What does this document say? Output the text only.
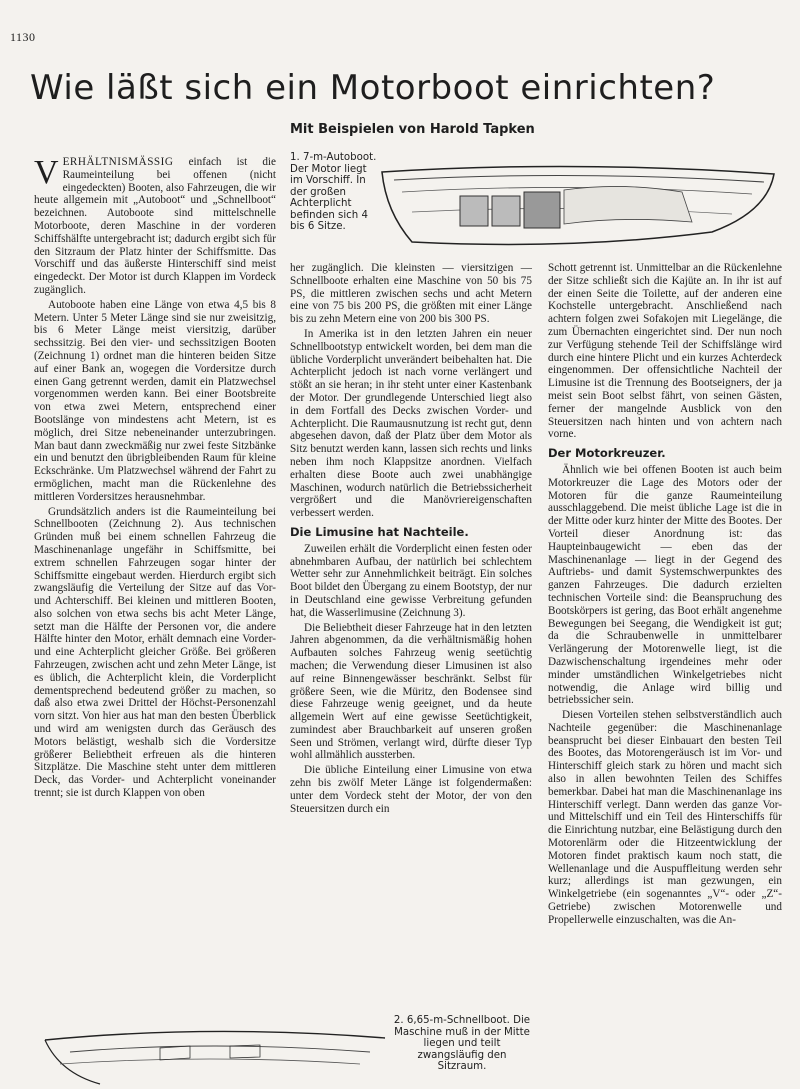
1130
Wie läßt sich ein Motorboot einrichten?
Mit Beispielen von Harold Tapken
1. 7-m-Autoboot. Der Motor liegt im Vorschiff. In der großen Achterplicht befinden sich 4 bis 6 Sitze.

VERHÄLTNISMÄSSIG einfach ist die Raumeinteilung bei offenen (nicht eingedeckten) Booten, also Fahrzeugen, die wir heute allgemein mit „Autoboot“ und „Schnellboot“ bezeichnen. Autoboote sind mittelschnelle Motorboote, deren Maschine in der vorderen Schiffshälfte untergebracht ist; dadurch ergibt sich für den Sitzraum der Platz hinter der Schiffsmitte. Das Vorschiff und das äußerste Hinterschiff sind meist eingedeckt. Der Motor ist durch Klappen im Vordeck zugänglich.

Autoboote haben eine Länge von etwa 4,5 bis 8 Metern. Unter 5 Meter Länge sind sie nur zweisitzig, bis 6 Meter Länge meist viersitzig, darüber sechssitzig. Bei den vier- und sechssitzigen Booten (Zeichnung 1) ordnet man die hinteren beiden Sitze auf einer Bank an, wogegen die Vordersitze durch einen Gang getrennt werden, damit ein Platzwechsel vorgenommen werden kann. Bei einer Bootsbreite von etwa zwei Metern, entsprechend einer Bootslänge von mindestens acht Metern, ist es möglich, drei Sitze nebeneinander unterzubringen. Man baut dann zweckmäßig nur zwei feste Sitzbänke ein und benutzt den übrigbleibenden Raum für kleine Eckschränke. Um Platzwechsel während der Fahrt zu ermöglichen, macht man die Rückenlehne des mittleren Vordersitzes herausnehmbar.

Grundsätzlich anders ist die Raumeinteilung bei Schnellbooten (Zeichnung 2). Aus technischen Gründen muß bei einem schnellen Fahrzeug die Maschinenanlage ungefähr in Schiffsmitte, bei extrem schnellen Fahrzeugen sogar hinter der Schiffsmitte eingebaut werden. Hierdurch ergibt sich zwangsläufig die Verteilung der Sitze auf das Vor- und Achterschiff. Bei kleinen und mittleren Booten, also solchen von etwa sechs bis acht Meter Länge, setzt man die Hälfte der Personen vor, die andere Hälfte hinter den Motor, erhält demnach eine Vorder- und eine Achterplicht gleicher Größe. Bei größeren Fahrzeugen, zwischen acht und zehn Meter Länge, ist es üblich, die Achterplicht klein, die Vorderplicht dementsprechend bedeutend größer zu machen, so daß also etwa zwei Drittel der Höchst-Personenzahl vorn sitzt. Von hier aus hat man den besten Überblick und wird am wenigsten durch das Geräusch des Motors belästigt, weshalb sich die Vordersitze größerer Beliebtheit erfreuen als die hinteren Sitzplätze. Die Maschine steht unter dem mittleren Deck, das Vorder- und Achterplicht voneinander trennt; sie ist durch Klappen von oben

her zugänglich. Die kleinsten — viersitzigen — Schnellboote erhalten eine Maschine von 50 bis 75 PS, die mittleren zwischen sechs und acht Metern eine von 75 bis 200 PS, die größten mit einer Länge bis zu zehn Metern eine von 200 bis 300 PS.

In Amerika ist in den letzten Jahren ein neuer Schnellbootstyp entwickelt worden, bei dem man die übliche Vorderplicht unverändert beibehalten hat. Die Achterplicht jedoch ist nach vorne verlängert und stößt an sie heran; in ihr steht unter einer Kastenbank der Motor. Der grundlegende Unterschied liegt also in dem Fortfall des Decks zwischen Vorder- und Achterplicht. Die Raumausnutzung ist recht gut, denn abgesehen davon, daß der Platz über dem Motor als Sitz benutzt werden kann, lassen sich rechts und links neben ihm noch Klappsitze anordnen. Vielfach erhalten diese Boote auch zwei unabhängige Maschinen, wodurch natürlich die Betriebssicherheit vergrößert und die Manövriereigenschaften verbessert werden.

Die Limusine hat Nachteile.

Zuweilen erhält die Vorderplicht einen festen oder abnehmbaren Aufbau, der natürlich bei schlechtem Wetter sehr zur Annehmlichkeit beiträgt. Ein solches Boot bildet den Übergang zu einem Bootstyp, der nur in Deutschland eine gewisse Verbreitung gefunden hat, die Wasserlimusine (Zeichnung 3).

Die Beliebtheit dieser Fahrzeuge hat in den letzten Jahren abgenommen, da die verhältnismäßig hohen Aufbauten solches Fahrzeug wenig seetüchtig machen; die Verwendung dieser Limusinen ist also auf reine Binnengewässer beschränkt. Selbst für größere Seen, wie die Müritz, den Bodensee sind diese Fahrzeuge wenig geeignet, und da heute allgemein Wert auf eine gewisse Seetüchtigkeit, zumindest aber Brauchbarkeit auf unseren großen Seen und Strömen, verlangt wird, dürfte dieser Typ wohl allmählich aussterben.

Die übliche Einteilung einer Limusine von etwa zehn bis zwölf Meter Länge ist folgendermaßen: unter dem Vordeck steht der Motor, der von den Steuersitzen durch ein

Schott getrennt ist. Unmittelbar an die Rückenlehne der Sitze schließt sich die Kajüte an. In ihr ist auf der einen Seite die Toilette, auf der anderen eine Kochstelle untergebracht. Anschließend nach achtern folgen zwei Sofakojen mit Liegelänge, die zum Übernachten eingerichtet sind. Der nun noch zur Verfügung stehende Teil der Schiffslänge wird durch eine hintere Plicht und ein kurzes Achterdeck eingenommen. Der offensichtliche Nachteil der Limusine ist die Trennung des Bootseigners, der ja meist sein Boot selbst fährt, von seinen Gästen, ferner der mangelnde Ausblick von den Steuersitzen nach hinten und von achtern nach vorne.

Der Motorkreuzer.

Ähnlich wie bei offenen Booten ist auch beim Motorkreuzer die Lage des Motors oder der Motoren für die ganze Raumeinteilung ausschlaggebend. Die meist übliche Lage ist die in der Mitte oder kurz hinter der Mitte des Bootes. Der Vorteil dieser Anordnung ist: das Haupteinbaugewicht — eben das der Maschinenanlage — liegt in der Gegend des Auftriebs- und damit Systemschwerpunktes des ganzen Fahrzeuges. Die dadurch erzielten technischen Vorteile sind: die Beanspruchung des Bootskörpers ist gering, das Boot erhält angenehme Bewegungen bei Seegang, die Wendigkeit ist gut; da die Schraubenwelle in unmittelbarer Verlängerung der Motorenwelle liegt, ist die Dazwischenschaltung irgendeines mehr oder minder umständlichen Winkelgetriebes nicht notwendig, die Anlage wird billig und betriebssicher sein.

Diesen Vorteilen stehen selbstverständlich auch Nachteile gegenüber: die Maschinenanlage beansprucht bei dieser Einbauart den besten Teil des Bootes, das Motorengeräusch ist im Vor- und Hinterschiff gleich stark zu hören und macht sich also in allen bewohnten Teilen des Schiffes bemerkbar. Dabei hat man die Maschinenanlage ins Hinterschiff verlegt. Dann werden das ganze Vor- und Mittelschiff und ein Teil des Hinterschiffs für die Einrichtung nutzbar, eine Belästigung durch den Motorenlärm oder die Hitzeentwicklung der Motoren findet praktisch kaum noch statt, die Wellenanlage und die Auspuffleitung werden sehr kurz; allerdings ist man gezwungen, ein Winkelgetriebe (ein sogenanntes „V“- oder „Z“-Getriebe) zwischen Motorenwelle und Propellerwelle einzuschalten, was die An-

2. 6,65-m-Schnellboot. Die Maschine muß in der Mitte liegen und teilt zwangsläufig den Sitzraum.
